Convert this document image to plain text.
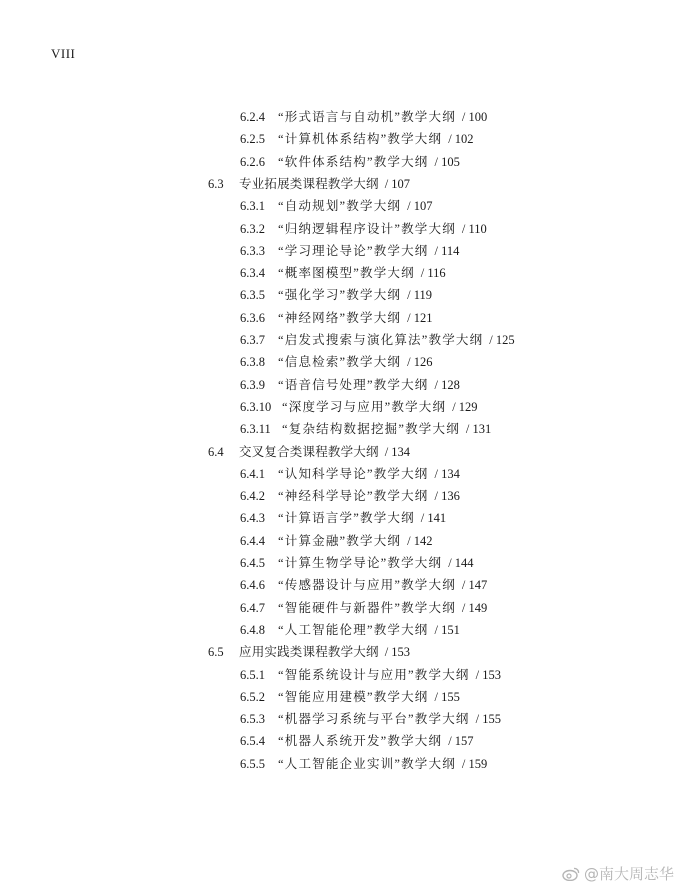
VIII
6.2.4 “形式语言与自动机”教学大纲 / 100
6.2.5 “计算机体系结构”教学大纲 / 102
6.2.6 “软件体系结构”教学大纲 / 105
6.3 专业拓展类课程教学大纲 / 107
6.3.1 “自动规划”教学大纲 / 107
6.3.2 “归纳逻辑程序设计”教学大纲 / 110
6.3.3 “学习理论导论”教学大纲 / 114
6.3.4 “概率图模型”教学大纲 / 116
6.3.5 “强化学习”教学大纲 / 119
6.3.6 “神经网络”教学大纲 / 121
6.3.7 “启发式搜索与演化算法”教学大纲 / 125
6.3.8 “信息检索”教学大纲 / 126
6.3.9 “语音信号处理”教学大纲 / 128
6.3.10 “深度学习与应用”教学大纲 / 129
6.3.11 “复杂结构数据挖掘”教学大纲 / 131
6.4 交叉复合类课程教学大纲 / 134
6.4.1 “认知科学导论”教学大纲 / 134
6.4.2 “神经科学导论”教学大纲 / 136
6.4.3 “计算语言学”教学大纲 / 141
6.4.4 “计算金融”教学大纲 / 142
6.4.5 “计算生物学导论”教学大纲 / 144
6.4.6 “传感器设计与应用”教学大纲 / 147
6.4.7 “智能硬件与新器件”教学大纲 / 149
6.4.8 “人工智能伦理”教学大纲 / 151
6.5 应用实践类课程教学大纲 / 153
6.5.1 “智能系统设计与应用”教学大纲 / 153
6.5.2 “智能应用建模”教学大纲 / 155
6.5.3 “机器学习系统与平台”教学大纲 / 155
6.5.4 “机器人系统开发”教学大纲 / 157
6.5.5 “人工智能企业实训”教学大纲 / 159
@南大周志华
